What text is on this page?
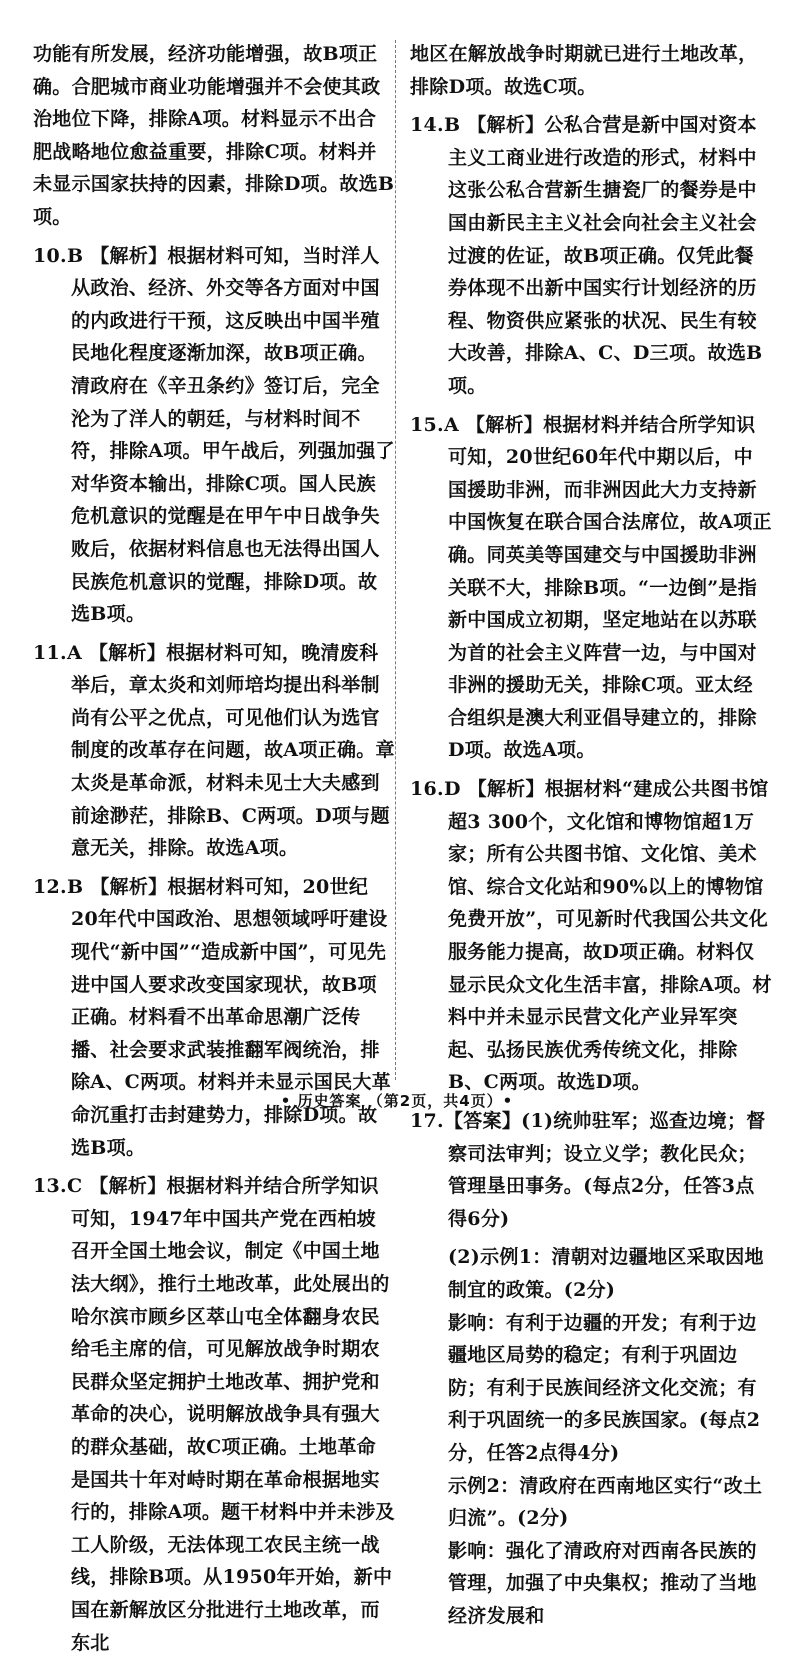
功能有所发展，经济功能增强，故B项正确。合肥城市商业功能增强并不会使其政治地位下降，排除A项。材料显示不出合肥战略地位愈益重要，排除C项。材料并未显示国家扶持的因素，排除D项。故选B项。

10.B 【解析】根据材料可知，当时洋人从政治、经济、外交等各方面对中国的内政进行干预，这反映出中国半殖民地化程度逐渐加深，故B项正确。清政府在《辛丑条约》签订后，完全沦为了洋人的朝廷，与材料时间不符，排除A项。甲午战后，列强加强了对华资本输出，排除C项。国人民族危机意识的觉醒是在甲午中日战争失败后，依据材料信息也无法得出国人民族危机意识的觉醒，排除D项。故选B项。

11.A 【解析】根据材料可知，晚清废科举后，章太炎和刘师培均提出科举制尚有公平之优点，可见他们认为选官制度的改革存在问题，故A项正确。章太炎是革命派，材料未见士大夫感到前途渺茫，排除B、C两项。D项与题意无关，排除。故选A项。

12.B 【解析】根据材料可知，20世纪20年代中国政治、思想领域呼吁建设现代“新中国”“造成新中国”，可见先进中国人要求改变国家现状，故B项正确。材料看不出革命思潮广泛传播、社会要求武装推翻军阀统治，排除A、C两项。材料并未显示国民大革命沉重打击封建势力，排除D项。故选B项。

13.C 【解析】根据材料并结合所学知识可知，1947年中国共产党在西柏坡召开全国土地会议，制定《中国土地法大纲》，推行土地改革，此处展出的哈尔滨市顾乡区萃山屯全体翻身农民给毛主席的信，可见解放战争时期农民群众坚定拥护土地改革、拥护党和革命的决心，说明解放战争具有强大的群众基础，故C项正确。土地革命是国共十年对峙时期在革命根据地实行的，排除A项。题干材料中并未涉及工人阶级，无法体现工农民主统一战线，排除B项。从1950年开始，新中国在新解放区分批进行土地改革，而东北

地区在解放战争时期就已进行土地改革，排除D项。故选C项。

14.B 【解析】公私合营是新中国对资本主义工商业进行改造的形式，材料中这张公私合营新生搪瓷厂的餐券是中国由新民主主义社会向社会主义社会过渡的佐证，故B项正确。仅凭此餐券体现不出新中国实行计划经济的历程、物资供应紧张的状况、民生有较大改善，排除A、C、D三项。故选B项。

15.A 【解析】根据材料并结合所学知识可知，20世纪60年代中期以后，中国援助非洲，而非洲因此大力支持新中国恢复在联合国合法席位，故A项正确。同英美等国建交与中国援助非洲关联不大，排除B项。“一边倒”是指新中国成立初期，坚定地站在以苏联为首的社会主义阵营一边，与中国对非洲的援助无关，排除C项。亚太经合组织是澳大利亚倡导建立的，排除D项。故选A项。

16.D 【解析】根据材料“建成公共图书馆超3 300个，文化馆和博物馆超1万家；所有公共图书馆、文化馆、美术馆、综合文化站和90%以上的博物馆免费开放”，可见新时代我国公共文化服务能力提高，故D项正确。材料仅显示民众文化生活丰富，排除A项。材料中并未显示民营文化产业异军突起、弘扬民族优秀传统文化，排除B、C两项。故选D项。

17.【答案】(1)统帅驻军；巡查边境；督察司法审判；设立义学；教化民众；管理垦田事务。(每点2分，任答3点得6分)

(2)示例1：清朝对边疆地区采取因地制宜的政策。(2分)

影响：有利于边疆的开发；有利于边疆地区局势的稳定；有利于巩固边防；有利于民族间经济文化交流；有利于巩固统一的多民族国家。(每点2分，任答2点得4分)

示例2：清政府在西南地区实行“改土归流”。(2分)

影响：强化了清政府对西南各民族的管理，加强了中央集权；推动了当地经济发展和

• 历史答案 （第2页，共4页）•
